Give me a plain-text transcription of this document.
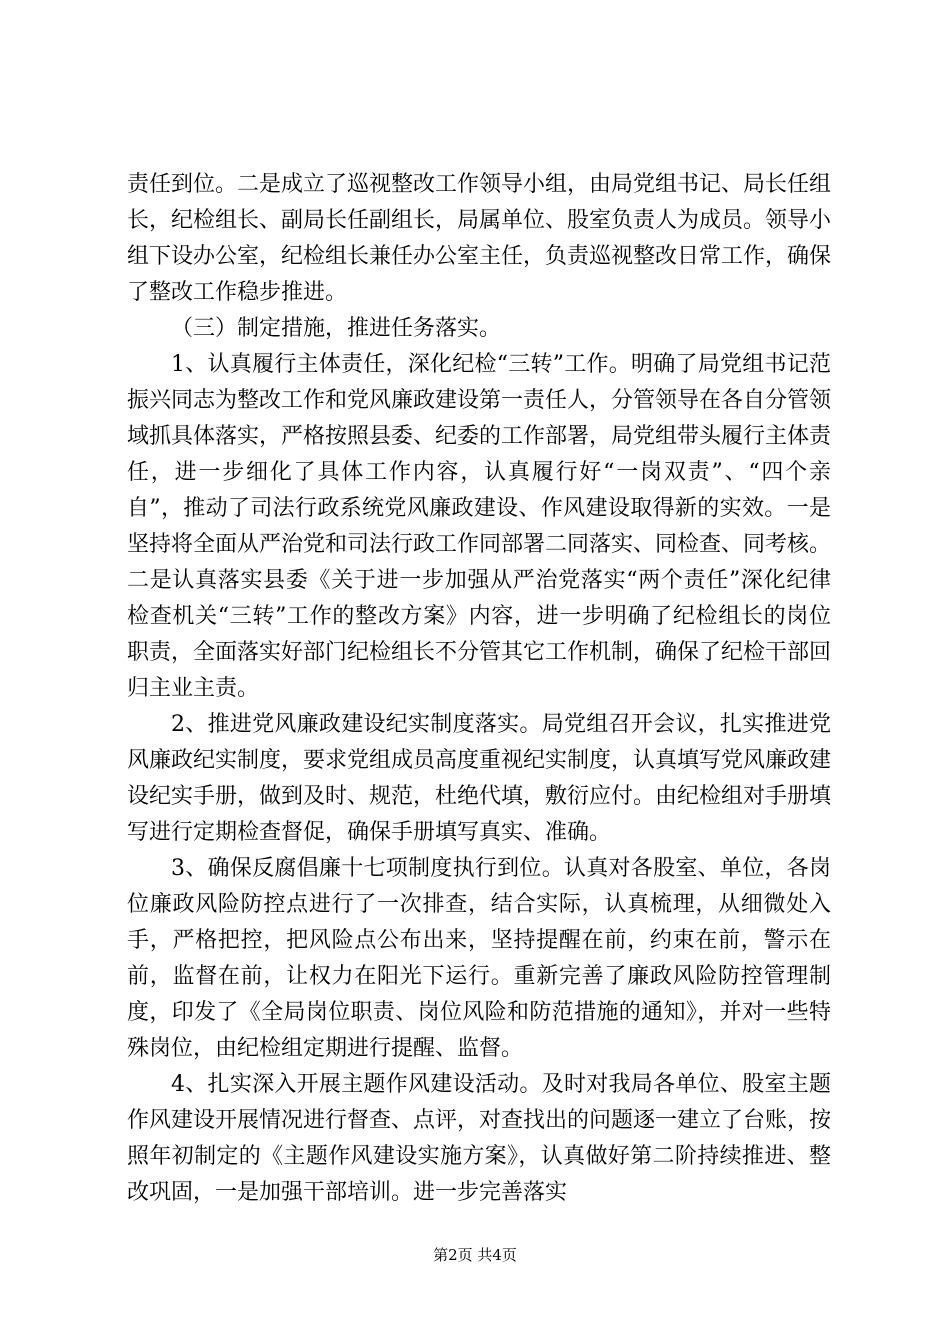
责任到位。二是成立了巡视整改工作领导小组，由局党组书记、局长任组长，纪检组长、副局长任副组长，局属单位、股室负责人为成员。领导小组下设办公室，纪检组长兼任办公室主任，负责巡视整改日常工作，确保了整改工作稳步推进。

（三）制定措施，推进任务落实。

1、认真履行主体责任，深化纪检“三转”工作。明确了局党组书记范振兴同志为整改工作和党风廉政建设第一责任人，分管领导在各自分管领域抓具体落实，严格按照县委、纪委的工作部署，局党组带头履行主体责任，进一步细化了具体工作内容，认真履行好“一岗双责”、“四个亲自”，推动了司法行政系统党风廉政建设、作风建设取得新的实效。一是坚持将全面从严治党和司法行政工作同部署二同落实、同检查、同考核。二是认真落实县委《关于进一步加强从严治党落实“两个责任”深化纪律检查机关“三转”工作的整改方案》内容，进一步明确了纪检组长的岗位职责，全面落实好部门纪检组长不分管其它工作机制，确保了纪检干部回归主业主责。

2、推进党风廉政建设纪实制度落实。局党组召开会议，扎实推进党风廉政纪实制度，要求党组成员高度重视纪实制度，认真填写党风廉政建设纪实手册，做到及时、规范，杜绝代填，敷衍应付。由纪检组对手册填写进行定期检查督促，确保手册填写真实、准确。

3、确保反腐倡廉十七项制度执行到位。认真对各股室、单位，各岗位廉政风险防控点进行了一次排查，结合实际，认真梳理，从细微处入手，严格把控，把风险点公布出来，坚持提醒在前，约束在前，警示在前，监督在前，让权力在阳光下运行。重新完善了廉政风险防控管理制度，印发了《全局岗位职责、岗位风险和防范措施的通知》，并对一些特殊岗位，由纪检组定期进行提醒、监督。

4、扎实深入开展主题作风建设活动。及时对我局各单位、股室主题作风建设开展情况进行督查、点评，对查找出的问题逐一建立了台账，按照年初制定的《主题作风建设实施方案》，认真做好第二阶持续推进、整改巩固，一是加强干部培训。进一步完善落实

第2页 共4页
